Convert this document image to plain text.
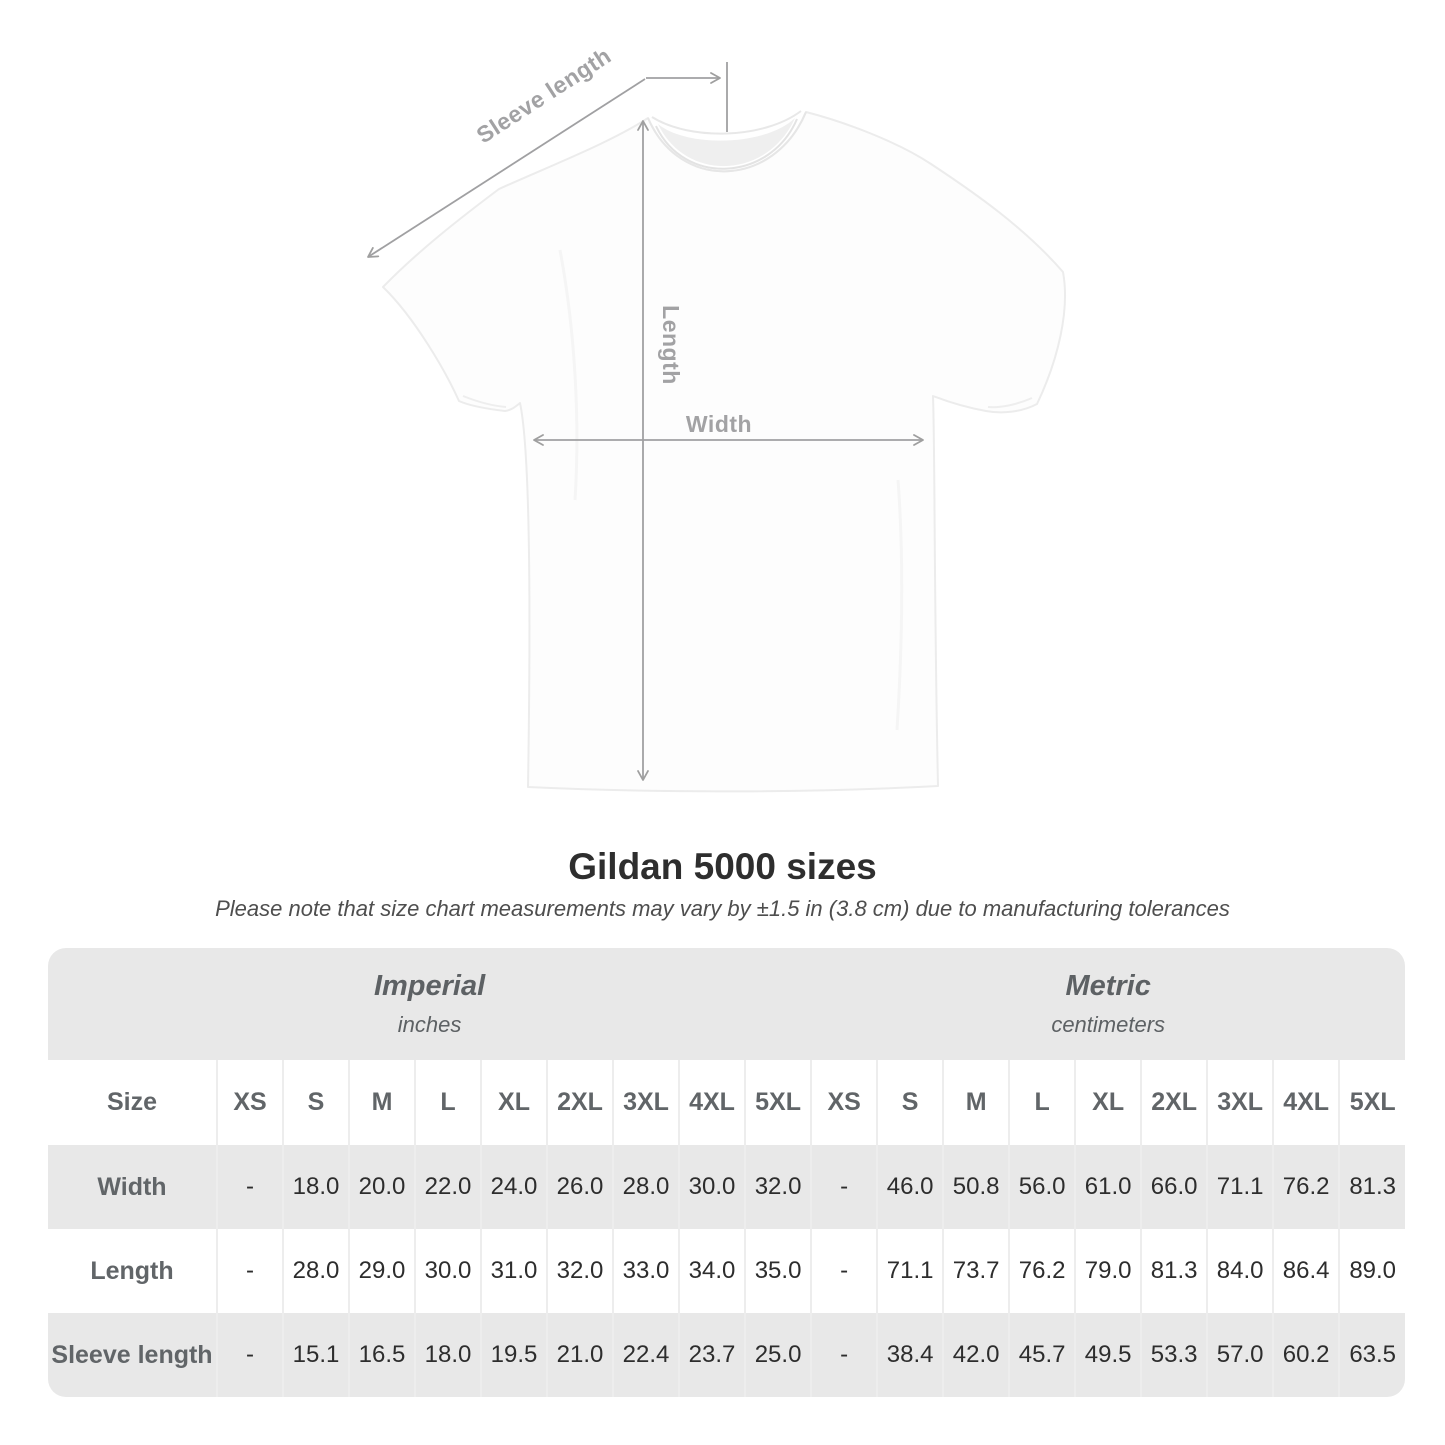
Sleeve length
Length
Width
Gildan 5000 sizes
Please note that size chart measurements may vary by ±1.5 in (3.8 cm) due to manufacturing tolerances
Imperial
inches

Metric
centimeters

Size	XS	S	M	L	XL	2XL	3XL	4XL	5XL	XS	S	M	L	XL	2XL	3XL	4XL	5XL
Width	-	18.0	20.0	22.0	24.0	26.0	28.0	30.0	32.0	-	46.0	50.8	56.0	61.0	66.0	71.1	76.2	81.3
Length	-	28.0	29.0	30.0	31.0	32.0	33.0	34.0	35.0	-	71.1	73.7	76.2	79.0	81.3	84.0	86.4	89.0
Sleeve length	-	15.1	16.5	18.0	19.5	21.0	22.4	23.7	25.0	-	38.4	42.0	45.7	49.5	53.3	57.0	60.2	63.5
